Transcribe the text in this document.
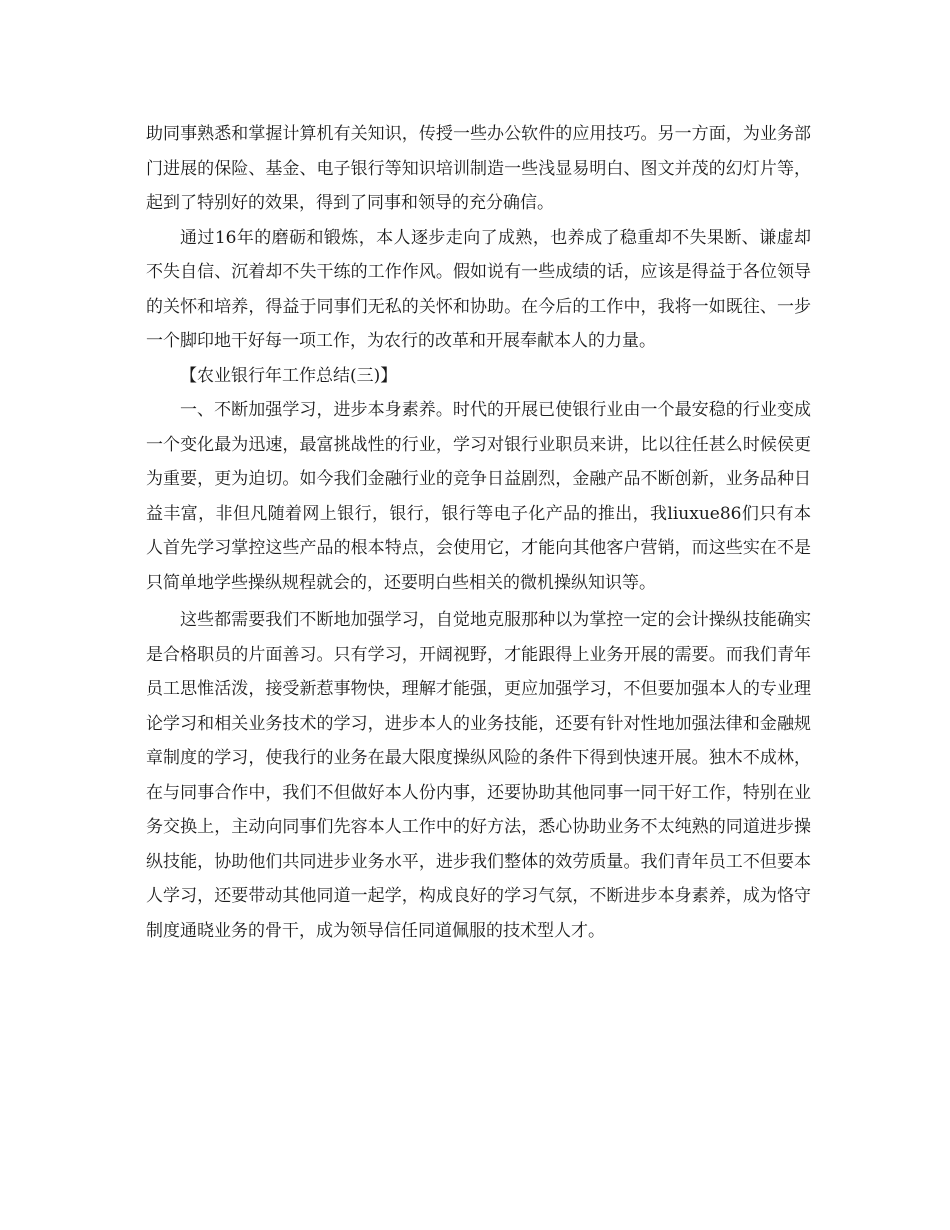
助同事熟悉和掌握计算机有关知识，传授一些办公软件的应用技巧。另一方面，为业务部门进展的保险、基金、电子银行等知识培训制造一些浅显易明白、图文并茂的幻灯片等，起到了特别好的效果，得到了同事和领导的充分确信。

通过16年的磨砺和锻炼，本人逐步走向了成熟，也养成了稳重却不失果断、谦虚却不失自信、沉着却不失干练的工作作风。假如说有一些成绩的话，应该是得益于各位领导的关怀和培养，得益于同事们无私的关怀和协助。在今后的工作中，我将一如既往、一步一个脚印地干好每一项工作，为农行的改革和开展奉献本人的力量。

【农业银行年工作总结(三)】

一、不断加强学习，进步本身素养。时代的开展已使银行业由一个最安稳的行业变成一个变化最为迅速，最富挑战性的行业，学习对银行业职员来讲，比以往任甚么时候侯更为重要，更为迫切。如今我们金融行业的竞争日益剧烈，金融产品不断创新，业务品种日益丰富，非但凡随着网上银行，银行，银行等电子化产品的推出，我liuxue86们只有本人首先学习掌控这些产品的根本特点，会使用它，才能向其他客户营销，而这些实在不是只简单地学些操纵规程就会的，还要明白些相关的微机操纵知识等。

这些都需要我们不断地加强学习，自觉地克服那种以为掌控一定的会计操纵技能确实是合格职员的片面善习。只有学习，开阔视野，才能跟得上业务开展的需要。而我们青年员工思惟活泼，接受新惹事物快，理解才能强，更应加强学习，不但要加强本人的专业理论学习和相关业务技术的学习，进步本人的业务技能，还要有针对性地加强法律和金融规章制度的学习，使我行的业务在最大限度操纵风险的条件下得到快速开展。独木不成林，在与同事合作中，我们不但做好本人份内事，还要协助其他同事一同干好工作，特别在业务交换上，主动向同事们先容本人工作中的好方法，悉心协助业务不太纯熟的同道进步操纵技能，协助他们共同进步业务水平，进步我们整体的效劳质量。我们青年员工不但要本人学习，还要带动其他同道一起学，构成良好的学习气氛，不断进步本身素养，成为恪守制度通晓业务的骨干，成为领导信任同道佩服的技术型人才。
